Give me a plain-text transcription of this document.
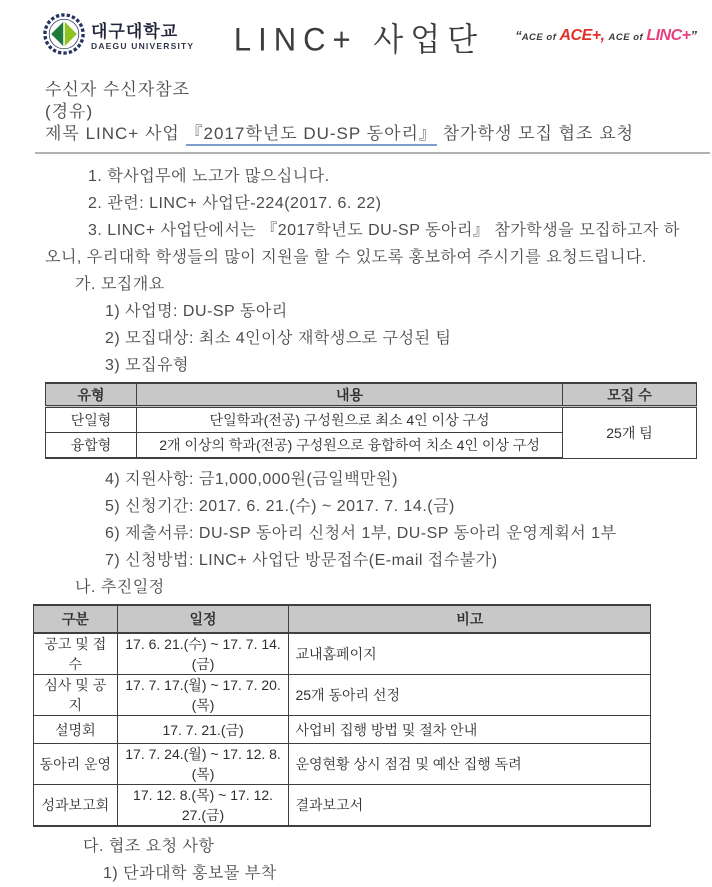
대구대학교
DAEGU UNIVERSITY LINC+ 사업단	“ACE of ACE+, ACE of LINC+”

수신자 수신자참조

(경유)

제목 LINC+ 사업 『2017학년도 DU-SP 동아리』 참가학생 모집 협조 요청

1. 학사업무에 노고가 많으십니다.

2. 관련: LINC+ 사업단-224(2017. 6. 22)

3. LINC+ 사업단에서는 『2017학년도 DU-SP 동아리』 참가학생을 모집하고자 하

오니, 우리대학 학생들의 많이 지원을 할 수 있도록 홍보하여 주시기를 요청드립니다.

가. 모집개요

1) 사업명: DU-SP 동아리

2) 모집대상: 최소 4인이상 재학생으로 구성된 팀

3) 모집유형

유형	내용	모집 수
단일형	단일학과(전공) 구성원으로 최소 4인 이상 구성	25개 팀
융합형	2개 이상의 학과(전공) 구성원으로 융합하여 치소 4인 이상 구성	

4) 지원사항: 금1,000,000원(금일백만원)

5) 신청기간: 2017. 6. 21.(수) ~ 2017. 7. 14.(금)

6) 제출서류: DU-SP 동아리 신청서 1부, DU-SP 동아리 운영계획서 1부

7) 신청방법: LINC+ 사업단 방문접수(E-mail 접수불가)

나. 추진일정

구분	일정	비고
공고 및 접수	17. 6. 21.(수) ~ 17. 7. 14.(금)	교내홈페이지
심사 및 공지	17. 7. 17.(월) ~ 17. 7. 20.(목)	25개 동아리 선정
설명회	17. 7. 21.(금)	사업비 집행 방법 및 절차 안내
동아리 운영	17. 7. 24.(월) ~ 17. 12. 8.(목)	운영현황 상시 점검 및 예산 집행 독려
성과보고회	17. 12. 8.(목) ~ 17. 12. 27.(금)	결과보고서

다. 협조 요청 사항

1) 단과대학 홍보물 부착
